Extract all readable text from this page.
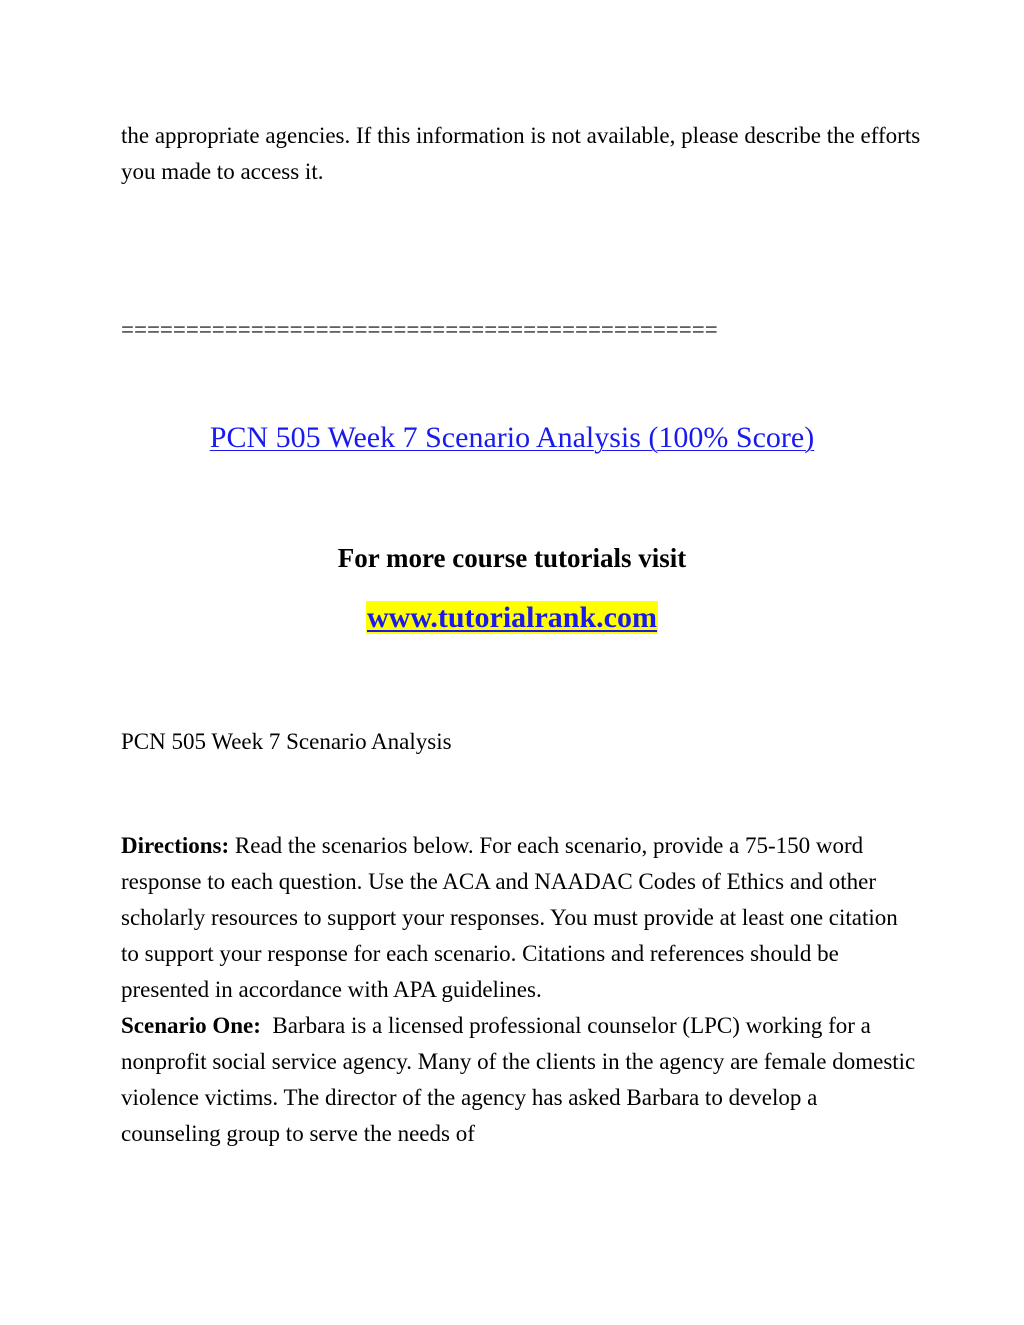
the appropriate agencies. If this information is not available, please describe the efforts you made to access it.

==============================================

PCN 505 Week 7 Scenario Analysis (100% Score)

For more course tutorials visit

www.tutorialrank.com

PCN 505 Week 7 Scenario Analysis

Directions: Read the scenarios below. For each scenario, provide a 75-150 word response to each question. Use the ACA and NAADAC Codes of Ethics and other scholarly resources to support your responses. You must provide at least one citation to support your response for each scenario. Citations and references should be presented in accordance with APA guidelines.
Scenario One:  Barbara is a licensed professional counselor (LPC) working for a nonprofit social service agency. Many of the clients in the agency are female domestic violence victims. The director of the agency has asked Barbara to develop a counseling group to serve the needs of
